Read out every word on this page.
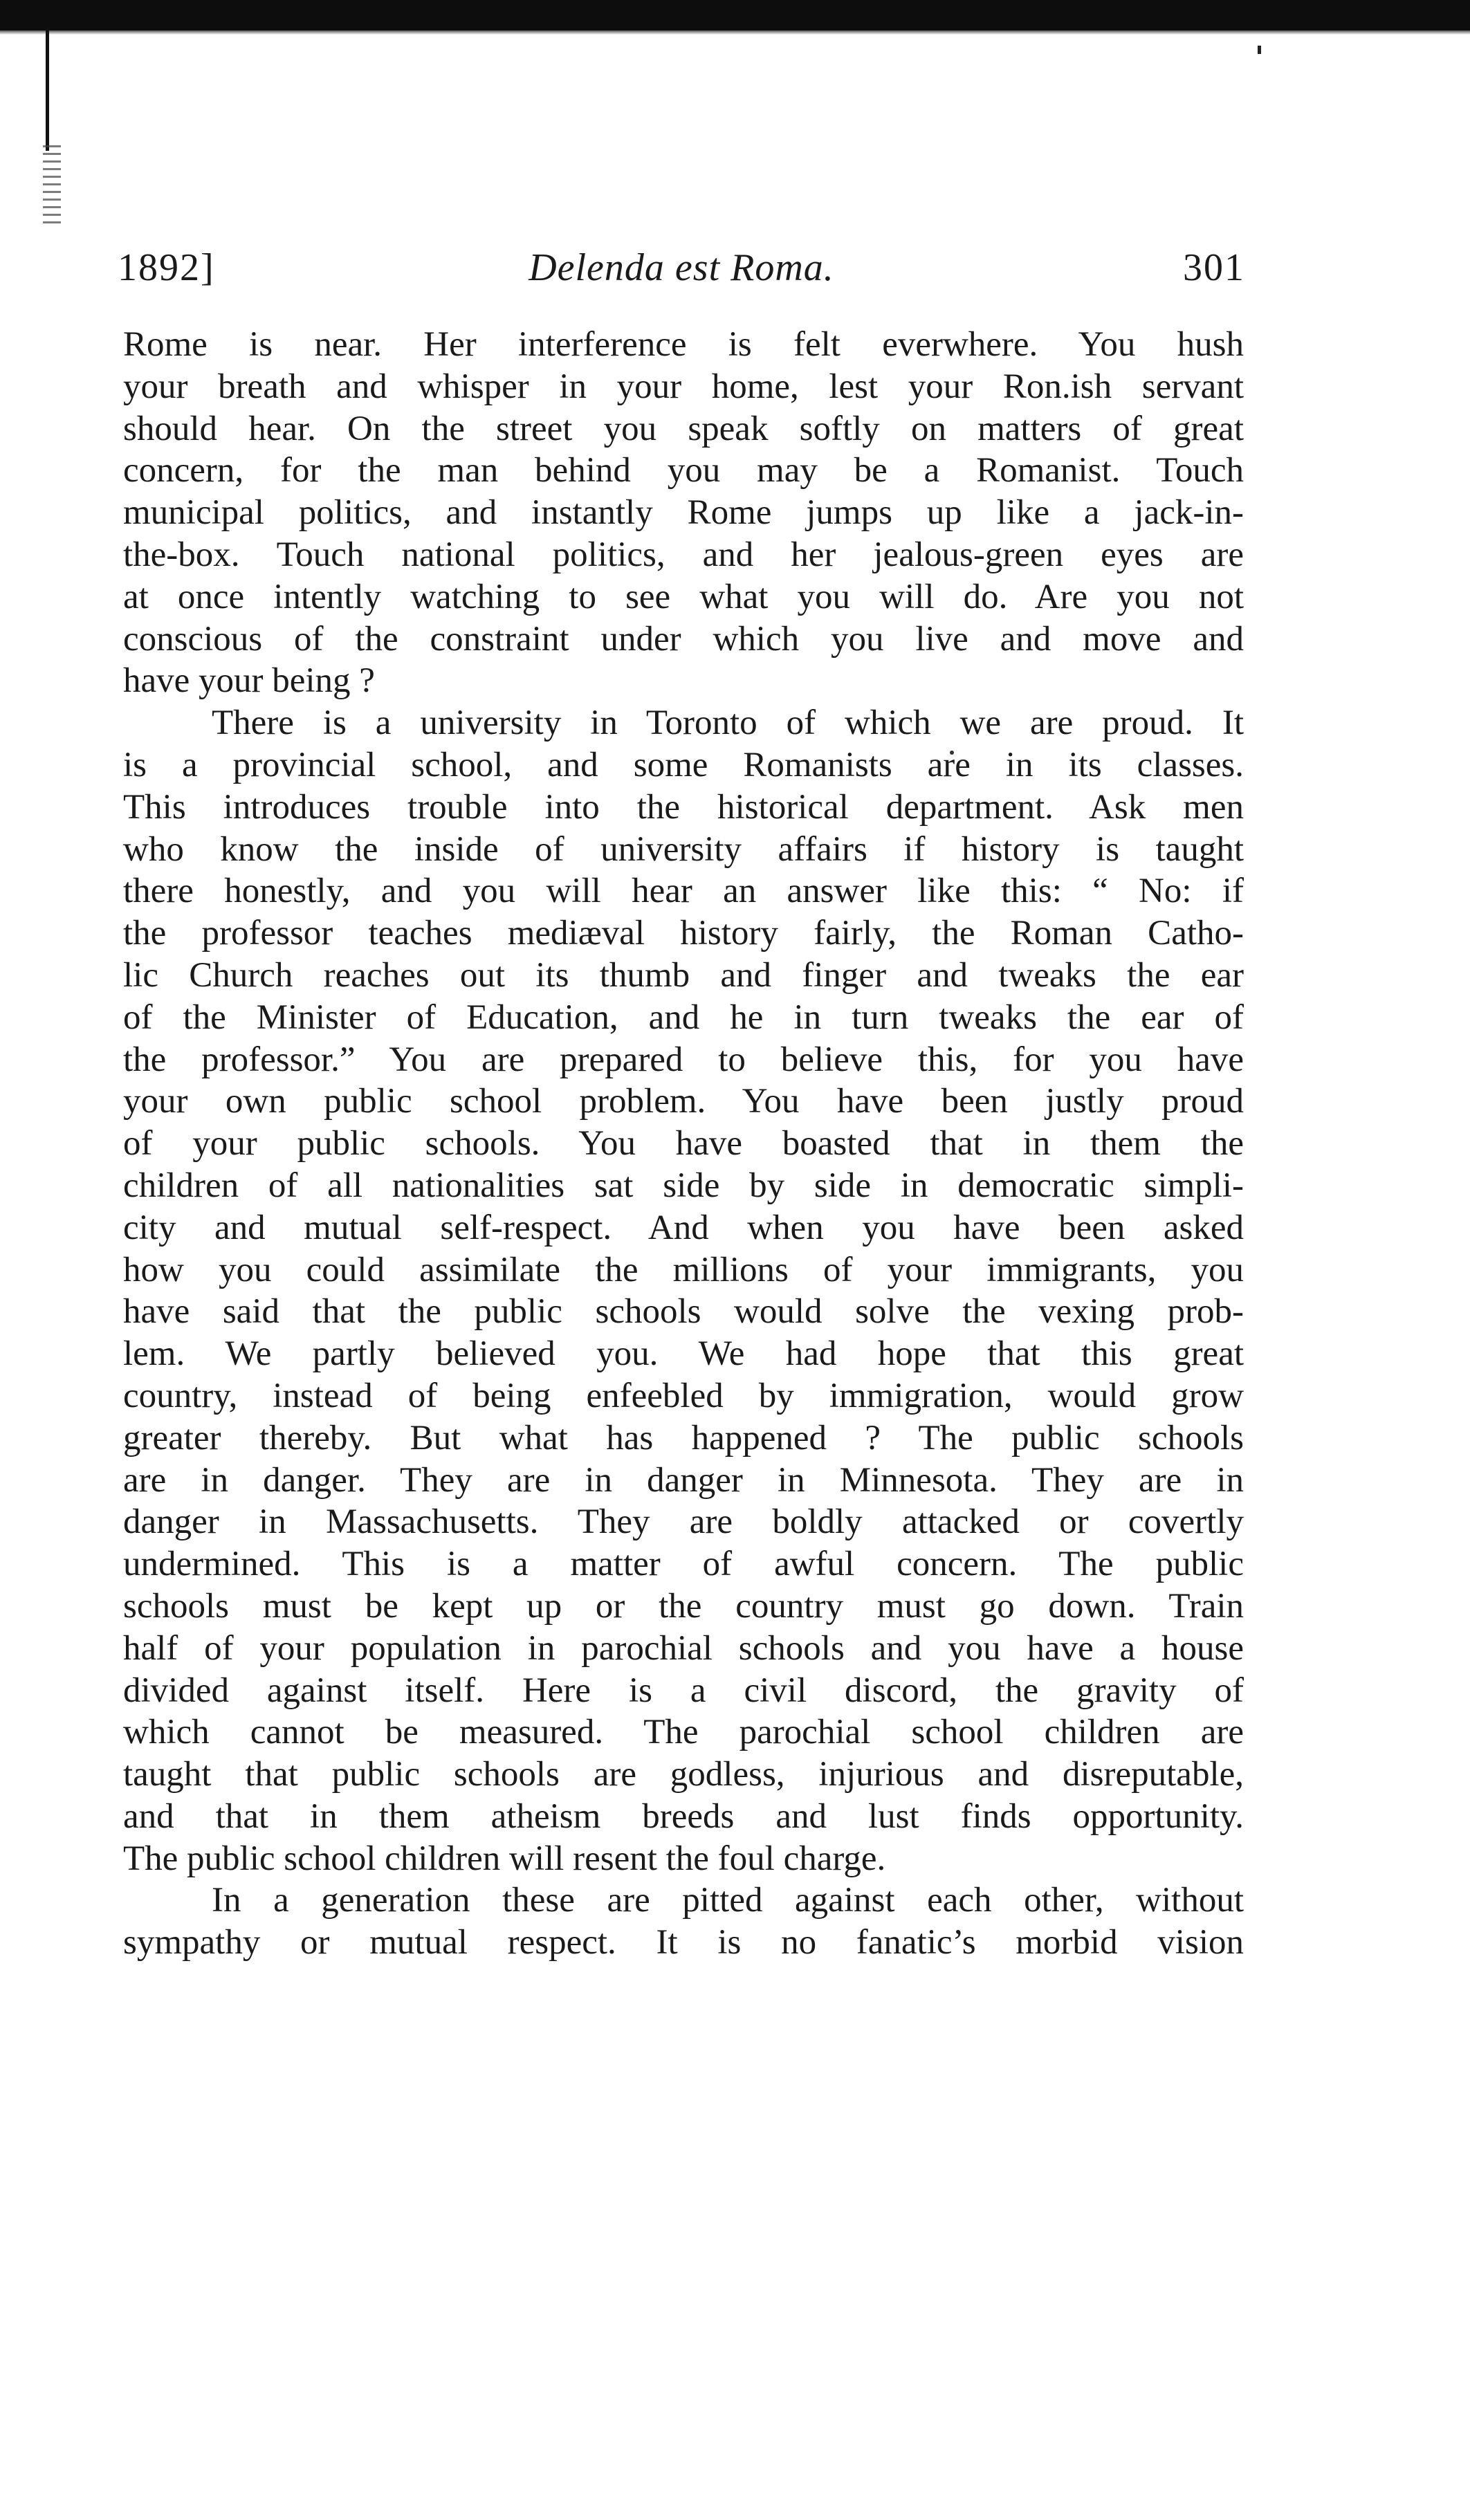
Delenda est Roma.
1892]	301
Rome is near. Her interference is felt everwhere. You hush
your breath and whisper in your home, lest your Ron.ish servant
should hear. On the street you speak softly on matters of great
concern, for the man behind you may be a Romanist. Touch
municipal politics, and instantly Rome jumps up like a jack-in-
the-box. Touch national politics, and her jealous-green eyes are
at once intently watching to see what you will do. Are you not
conscious of the constraint under which you live and move and
have your being ?
There is a university in Toronto of which we are proud. It
is a provincial school, and some Romanists are in its classes.
This introduces trouble into the historical department. Ask men
who know the inside of university affairs if history is taught
there honestly, and you will hear an answer like this: “ No: if
the professor teaches mediæval history fairly, the Roman Catho-
lic Church reaches out its thumb and finger and tweaks the ear
of the Minister of Education, and he in turn tweaks the ear of
the professor.” You are prepared to believe this, for you have
your own public school problem. You have been justly proud
of your public schools. You have boasted that in them the
children of all nationalities sat side by side in democratic simpli-
city and mutual self-respect. And when you have been asked
how you could assimilate the millions of your immigrants, you
have said that the public schools would solve the vexing prob-
lem. We partly believed you. We had hope that this great
country, instead of being enfeebled by immigration, would grow
greater thereby. But what has happened ? The public schools
are in danger. They are in danger in Minnesota. They are in
danger in Massachusetts. They are boldly attacked or covertly
undermined. This is a matter of awful concern. The public
schools must be kept up or the country must go down. Train
half of your population in parochial schools and you have a house
divided against itself. Here is a civil discord, the gravity of
which cannot be measured. The parochial school children are
taught that public schools are godless, injurious and disreputable,
and that in them atheism breeds and lust finds opportunity.
The public school children will resent the foul charge.
In a generation these are pitted against each other, without
sympathy or mutual respect. It is no fanatic’s morbid vision
